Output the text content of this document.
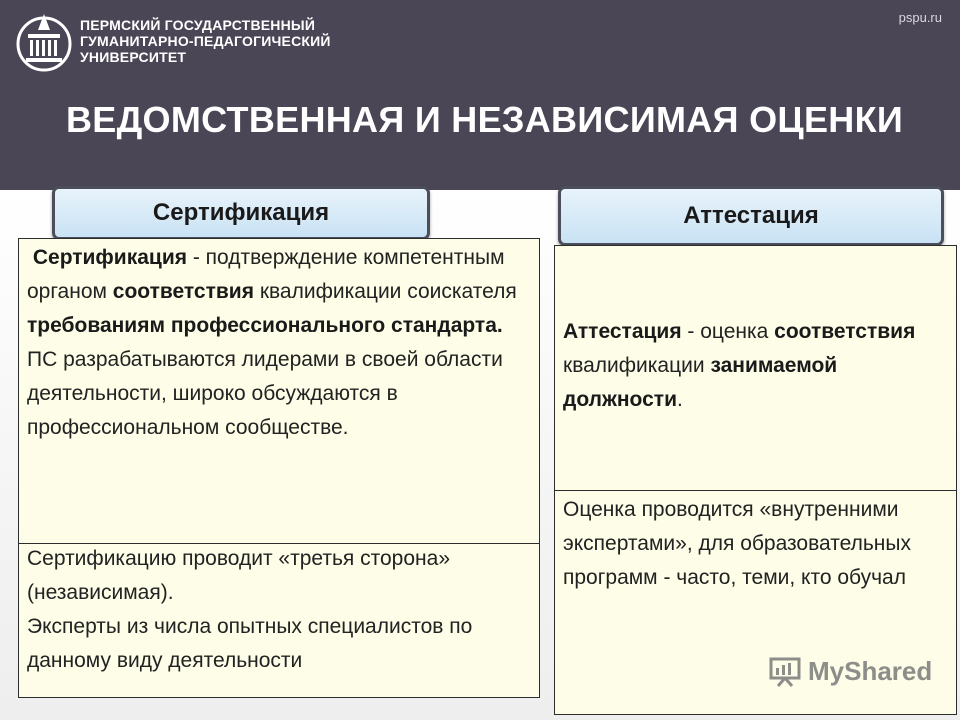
ПЕРМСКИЙ ГОСУДАРСТВЕННЫЙ
ГУМАНИТАРНО-ПЕДАГОГИЧЕСКИЙ
УНИВЕРСИТЕТ
pspu.ru
ВЕДОМСТВЕННАЯ И НЕЗАВИСИМАЯ ОЦЕНКИ
Сертификация	Аттестация

Сертификация - подтверждение компетентным органом соответствия квалификации соискателя требованиям профессионального стандарта.

ПС разрабатываются лидерами в своей области деятельности, широко обсуждаются в профессиональном сообществе.

Сертификацию проводит «третья сторона» (независимая).

Эксперты из числа опытных специалистов по данному виду деятельности

Аттестация - оценка соответствия квалификации занимаемой должности.

Оценка проводится «внутренними экспертами», для образовательных программ - часто, теми, кто обучал

MyShared
